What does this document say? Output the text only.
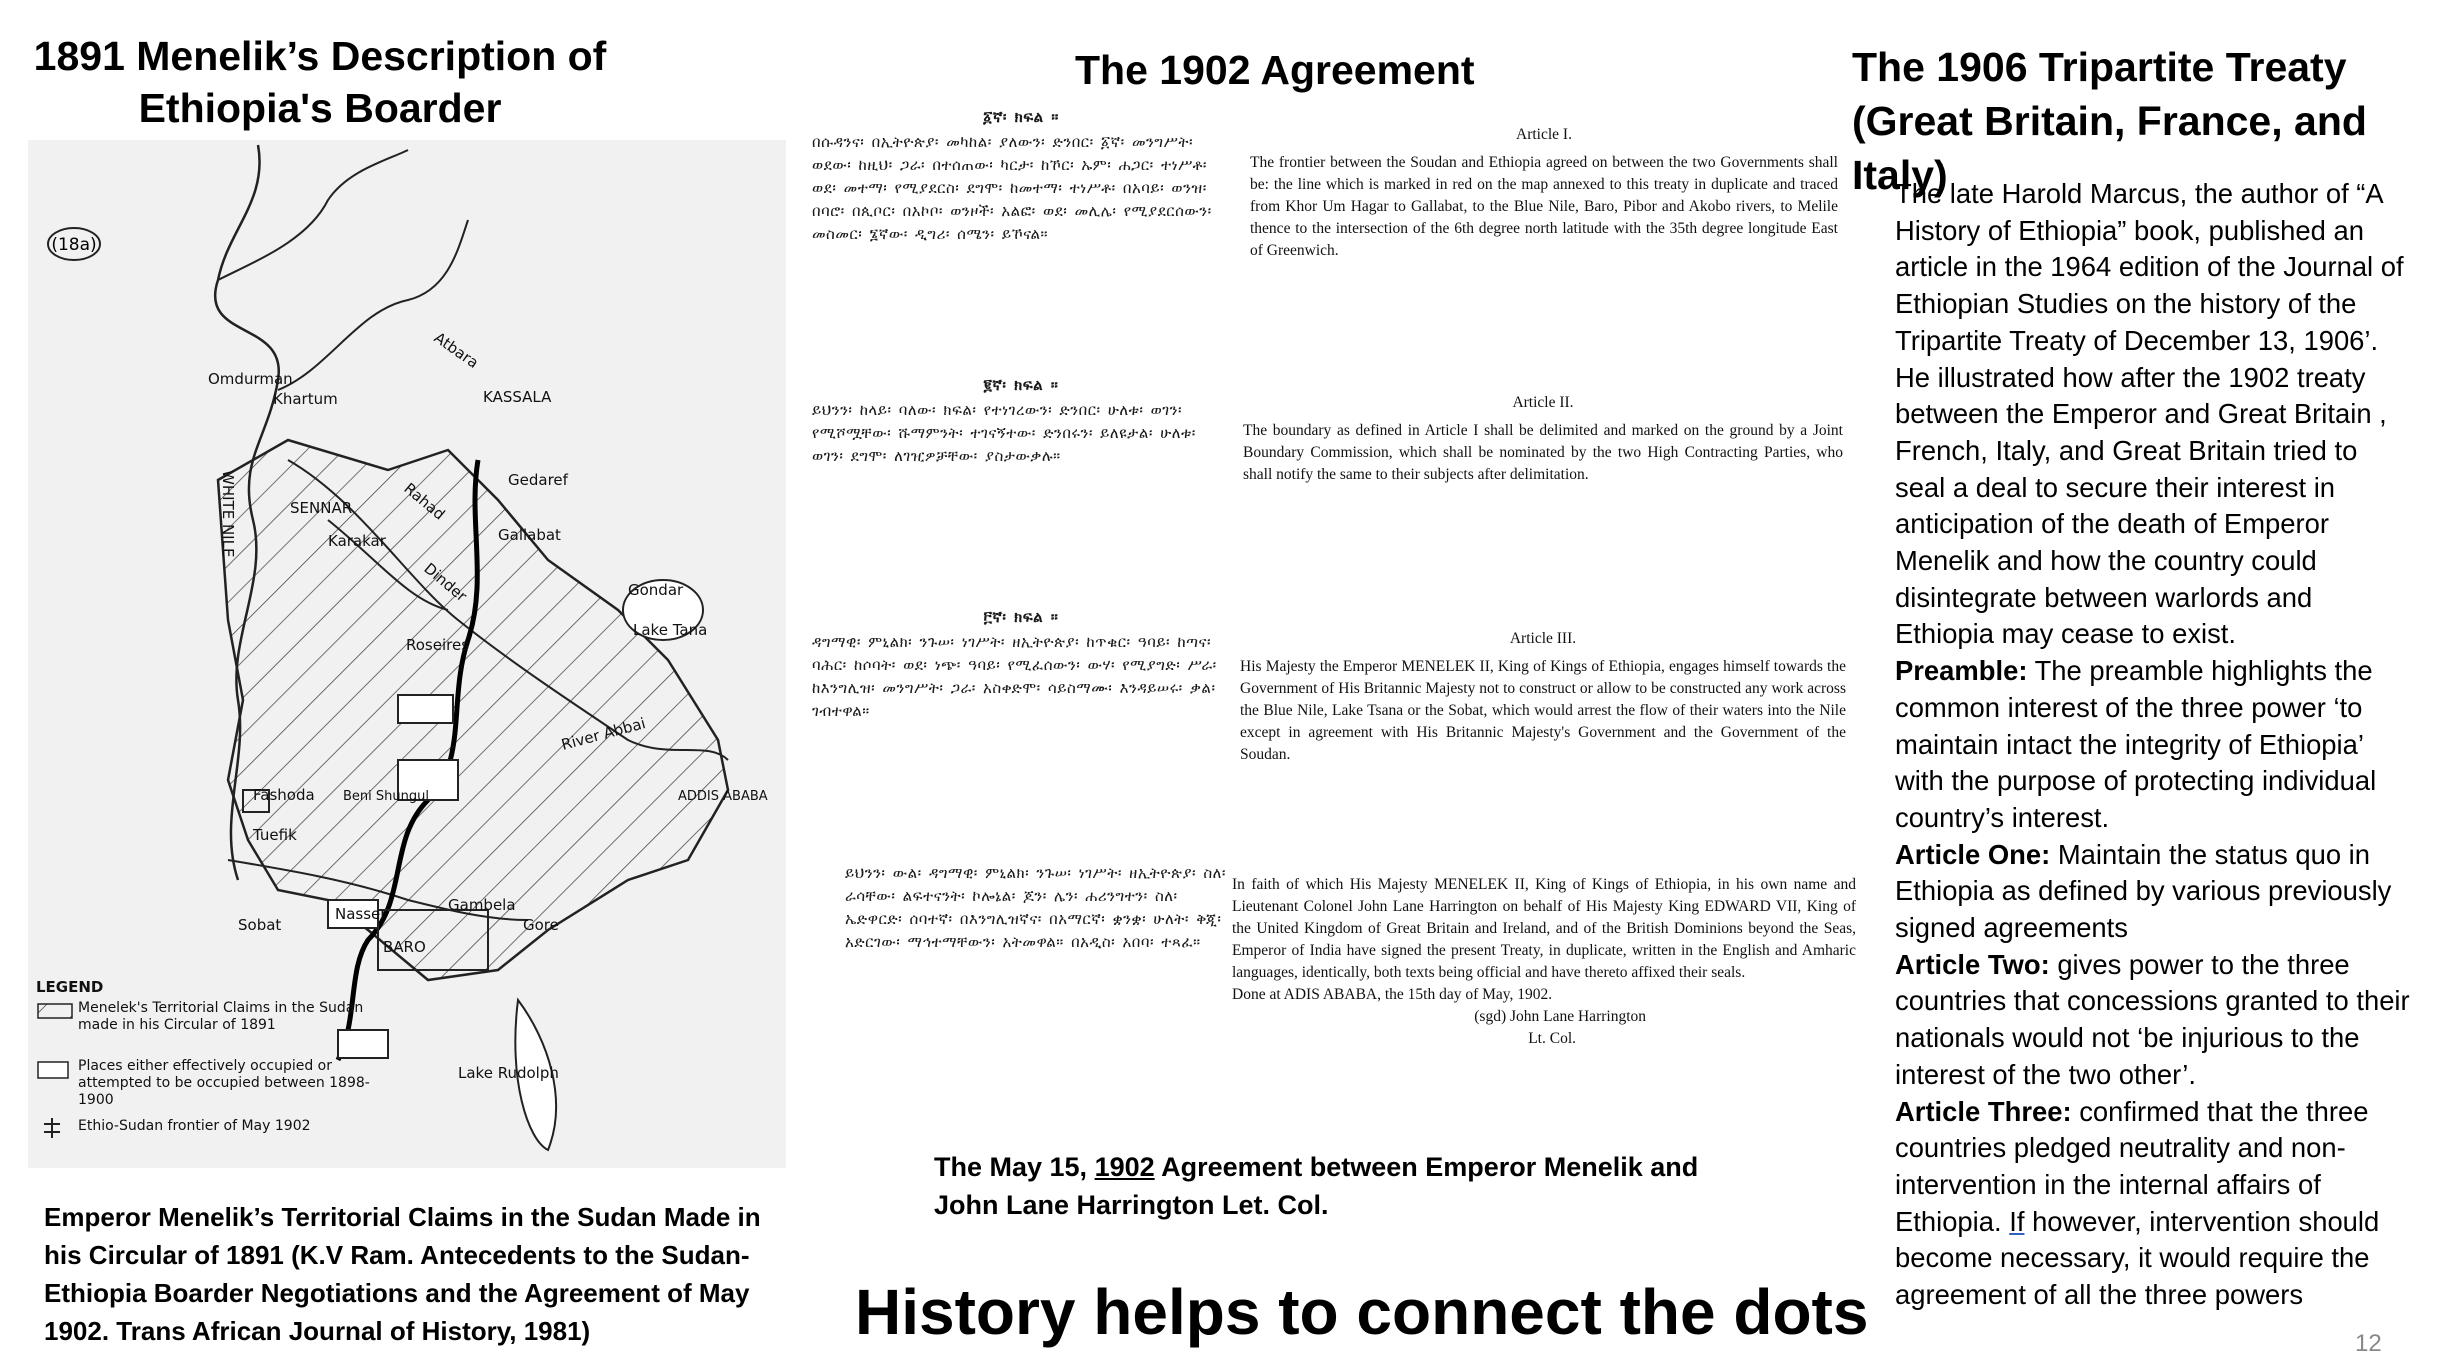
1891 Menelik’s Description of
Ethiopia's Boarder
The 1902 Agreement	The 1906 Tripartite Treaty
(Great Britain, France, and Italy)
(18a)
Omdurman
Khartum	KASSALA
Atbara
WHITE NILE	SENNAR
Karakar
Rahad	Gedaref
Gallabat
Dinder	Gondar
Lake Tana
Roseires
River Abbai
ADDIS ABABA
Fashoda Beni Shungul
Tuefik
Sobat
Nasser	Gambela
Gore
BARO
Lake Rudolph
LEGEND
Menelek's Territorial Claims in the Sudan made in his Circular of 1891
Places either effectively occupied or attempted to be occupied between 1898-1900
Ethio-Sudan frontier of May 1902
Emperor Menelik’s Territorial Claims in the Sudan Made in his Circular of 1891 (K.V Ram. Antecedents to the Sudan-Ethiopia Boarder Negotiations and the Agreement of May 1902. Trans African Journal of History, 1981)
፩ኛ፡ ክፍል ።
በሱዳንና፡ በኢትዮጵያ፡ መካከል፡ ያለውን፡ ድንበር፡ ፩ኛ፡ መንግሥት፡ ወደው፡ ከዚህ፡ ጋራ፡ በተሰጠው፡ ካርታ፡ ከኾር፡ ኡም፡ ሐጋር፡ ተነሥቶ፡ ወደ፡ መተማ፡ የሚያደርስ፡ ደግሞ፡ ከመተማ፡ ተነሥቶ፡ በአባይ፡ ወንዝ፡ በባሮ፡ በጲቦር፡ በአኮቦ፡ ወንዞች፡ አልፎ፡ ወደ፡ መሊሌ፡ የሚያደርሰውን፡ መስመር፡ ፮ኛው፡ ዲግሪ፡ ሰሜን፡ ይኾናል።
፪ኛ፡ ክፍል ።
ይህንን፡ ከላይ፡ ባለው፡ ክፍል፡ የተነገረውን፡ ድንበር፡ ሁለቱ፡ ወገን፡ የሚሾሟቸው፡ ሹማምንት፡ ተገናኝተው፡ ድንበሩን፡ ይለዩታል፡ ሁለቱ፡ ወገን፡ ደግሞ፡ ለገዢዎቻቸው፡ ያስታውቃሉ።
፫ኛ፡ ክፍል ።
ዳግማዊ፡ ምኒልክ፡ ንጉሠ፡ ነገሥት፡ ዘኢትዮጵያ፡ ከጥቁር፡ ዓባይ፡ ከጣና፡ ባሕር፡ ከሶባት፡ ወደ፡ ነጭ፡ ዓባይ፡ የሚፈሰውን፡ ውሃ፡ የሚያግድ፡ ሥራ፡ ከእንግሊዝ፡ መንግሥት፡ ጋራ፡ አስቀድሞ፡ ሳይስማሙ፡ እንዳይሠሩ፡ ቃል፡ ገብተዋል።
ይህንን፡ ውል፡ ዳግማዊ፡ ምኒልክ፡ ንጉሠ፡ ነገሥት፡ ዘኢትዮጵያ፡ ስለ፡ ራሳቸው፡ ልፍተናንት፡ ኮሎኔል፡ ጆን፡ ሌን፡ ሐሪንግተን፡ ስለ፡ ኤድዋርድ፡ ሰባተኛ፡ በእንግሊዝኛና፡ በአማርኛ፡ ቋንቋ፡ ሁለት፡ ቅጂ፡ አድርገው፡ ማኅተማቸውን፡ አትመዋል። በአዲስ፡ አበባ፡ ተጻፈ።
Article I.
The frontier between the Soudan and Ethiopia agreed on between the two Governments shall be: the line which is marked in red on the map annexed to this treaty in duplicate and traced from Khor Um Hagar to Gallabat, to the Blue Nile, Baro, Pibor and Akobo rivers, to Melile thence to the intersection of the 6th degree north latitude with the 35th degree longitude East of Greenwich.
Article II.
The boundary as defined in Article I shall be delimited and marked on the ground by a Joint Boundary Commission, which shall be nominated by the two High Contracting Parties, who shall notify the same to their subjects after delimitation.
Article III.
His Majesty the Emperor MENELEK II, King of Kings of Ethiopia, engages himself towards the Government of His Britannic Majesty not to construct or allow to be constructed any work across the Blue Nile, Lake Tsana or the Sobat, which would arrest the flow of their waters into the Nile except in agreement with His Britannic Majesty's Government and the Government of the Soudan.
In faith of which His Majesty MENELEK II, King of Kings of Ethiopia, in his own name and Lieutenant Colonel John Lane Harrington on behalf of His Majesty King EDWARD VII, King of the United Kingdom of Great Britain and Ireland, and of the British Dominions beyond the Seas, Emperor of India have signed the present Treaty, in duplicate, written in the English and Amharic languages, identically, both texts being official and have thereto affixed their seals.
Done at ADIS ABABA, the 15th day of May, 1902.
(sgd) John Lane Harrington
Lt. Col.
The May 15, 1902 Agreement between Emperor Menelik and John Lane Harrington Let. Col.
History helps to connect the dots

The late Harold Marcus, the author of “A History of Ethiopia” book, published an article in the 1964 edition of the Journal of Ethiopian Studies on the history of the Tripartite Treaty of December 13, 1906’. He illustrated how after the 1902 treaty between the Emperor and Great Britain , French, Italy, and Great Britain tried to seal a deal to secure their interest in anticipation of the death of Emperor Menelik and how the country could disintegrate between warlords and Ethiopia may cease to exist.

Preamble: The preamble highlights the common interest of the three power ‘to maintain intact the integrity of Ethiopia’ with the purpose of protecting individual country’s interest.

Article One: Maintain the status quo in Ethiopia as defined by various previously signed agreements

Article Two: gives power to the three countries that concessions granted to their nationals would not ‘be injurious to the interest of the two other’.

Article Three: confirmed that the three countries pledged neutrality and non-intervention in the internal affairs of Ethiopia. If however, intervention should become necessary, it would require the agreement of all the three powers

12
